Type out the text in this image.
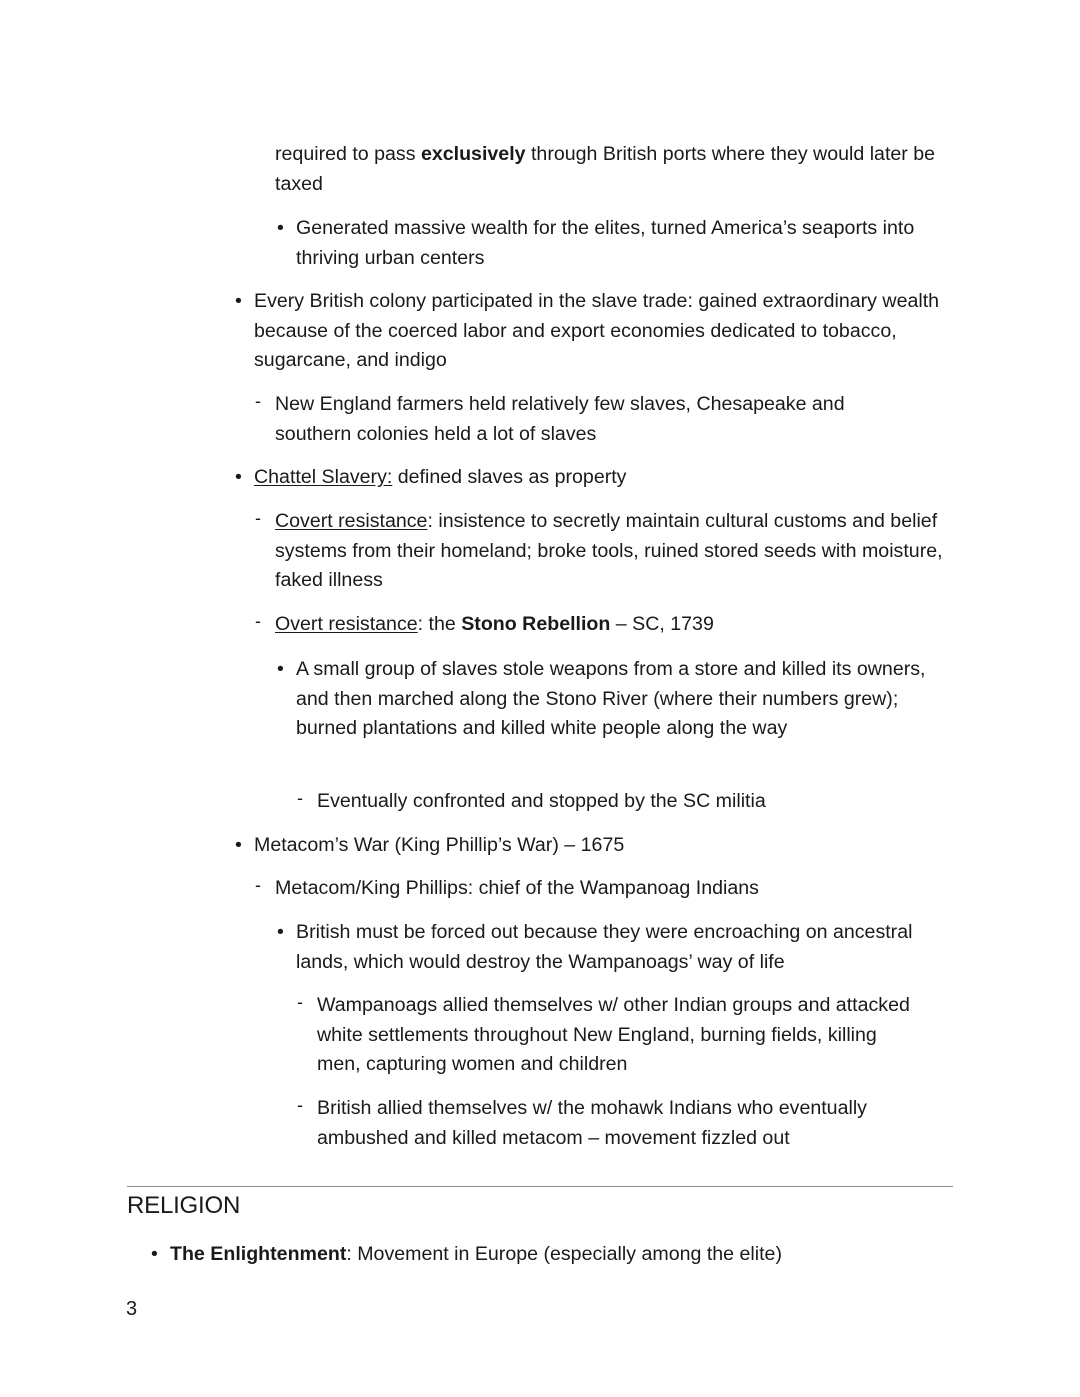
required to pass exclusively through British ports where they would later be taxed

• Generated massive wealth for the elites, turned America’s seaports into thriving urban centers
• Every British colony participated in the slave trade: gained extraordinary wealth because of the coerced labor and export economies dedicated to tobacco, sugarcane, and indigo
- New England farmers held relatively few slaves, Chesapeake and southern colonies held a lot of slaves
• Chattel Slavery: defined slaves as property
- Covert resistance: insistence to secretly maintain cultural customs and belief systems from their homeland; broke tools, ruined stored seeds with moisture, faked illness
- Overt resistance: the Stono Rebellion – SC, 1739
• A small group of slaves stole weapons from a store and killed its owners, and then marched along the Stono River (where their numbers grew); burned plantations and killed white people along the way
- Eventually confronted and stopped by the SC militia
• Metacom’s War (King Phillip’s War) – 1675
- Metacom/King Phillips: chief of the Wampanoag Indians
• British must be forced out because they were encroaching on ancestral lands, which would destroy the Wampanoags’ way of life
- Wampanoags allied themselves w/ other Indian groups and attacked white settlements throughout New England, burning fields, killing men, capturing women and children
- British allied themselves w/ the mohawk Indians who eventually ambushed and killed metacom – movement fizzled out
RELIGION
• The Enlightenment: Movement in Europe (especially among the elite)
3
